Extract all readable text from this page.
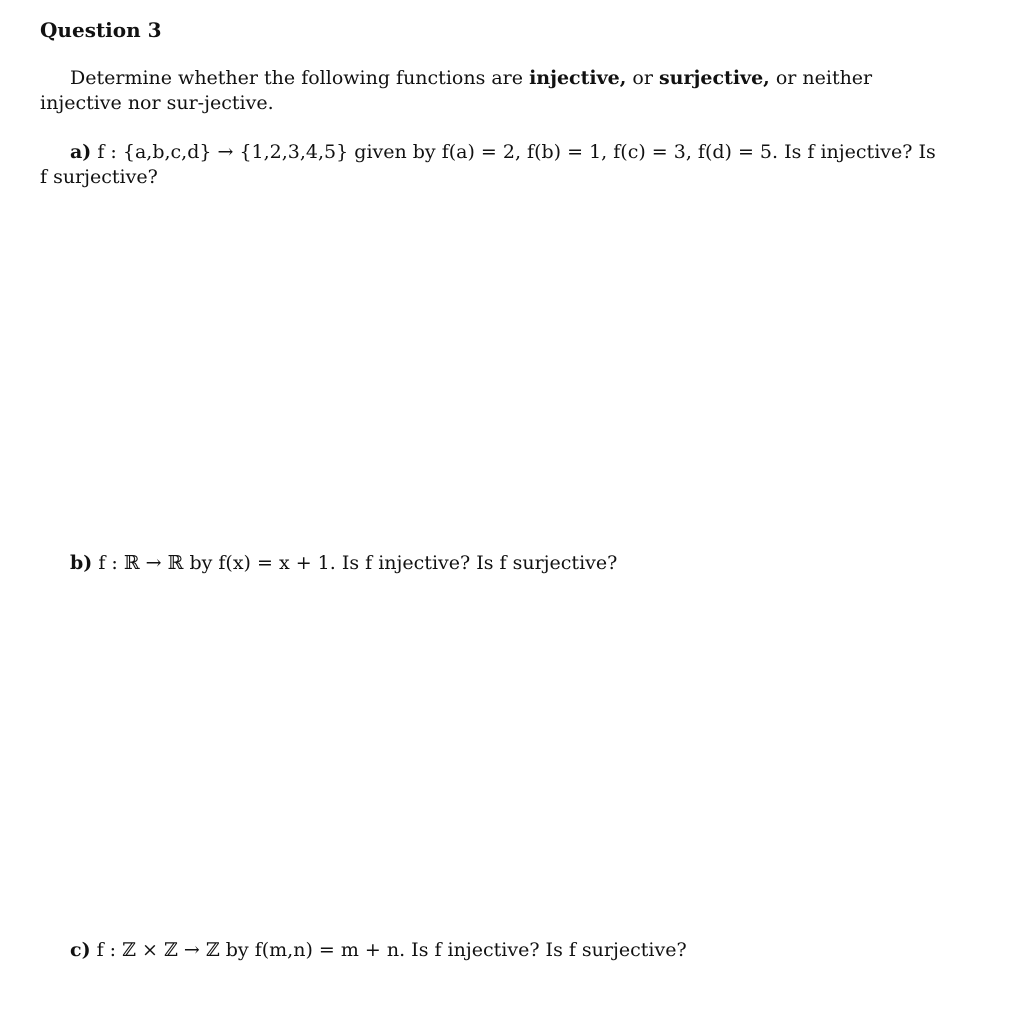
Question 3
Determine whether the following functions are injective, or surjective, or neither injective nor sur-jective.
a) f : {a,b,c,d} → {1,2,3,4,5} given by f(a) = 2, f(b) = 1, f(c) = 3, f(d) = 5. Is f injective? Is f surjective?
b) f : ℝ → ℝ by f(x) = x + 1. Is f injective? Is f surjective?
c) f : ℤ × ℤ → ℤ by f(m,n) = m + n. Is f injective? Is f surjective?
